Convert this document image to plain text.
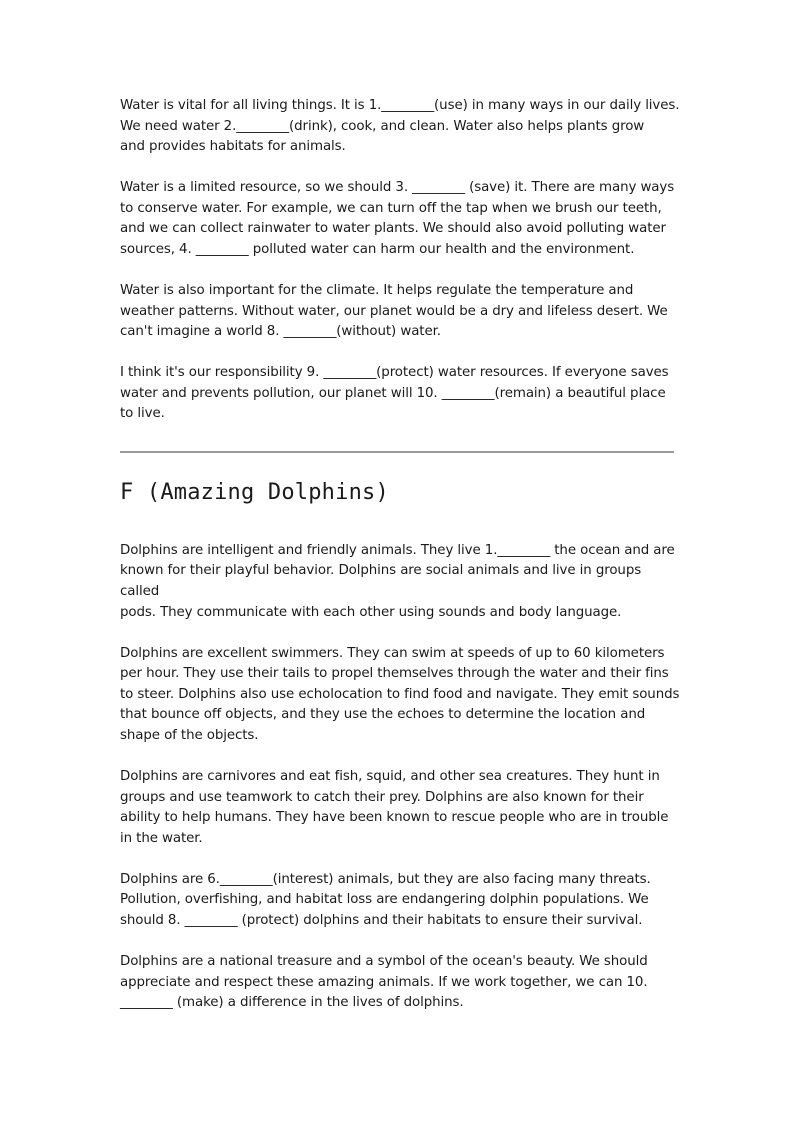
Water is vital for all living things. It is 1.________(use) in many ways in our daily lives.
We need water 2.________(drink), cook, and clean. Water also helps plants grow
and provides habitats for animals.

Water is a limited resource, so we should 3. ________ (save) it. There are many ways
to conserve water. For example, we can turn off the tap when we brush our teeth,
and we can collect rainwater to water plants. We should also avoid polluting water
sources, 4. ________ polluted water can harm our health and the environment.

Water is also important for the climate. It helps regulate the temperature and
weather patterns. Without water, our planet would be a dry and lifeless desert. We
can't imagine a world 8. ________(without) water.

I think it's our responsibility 9. ________(protect) water resources. If everyone saves
water and prevents pollution, our planet will 10. ________(remain) a beautiful place
to live.

F (Amazing Dolphins)

Dolphins are intelligent and friendly animals. They live 1.________ the ocean and are
known for their playful behavior. Dolphins are social animals and live in groups called
pods. They communicate with each other using sounds and body language.

Dolphins are excellent swimmers. They can swim at speeds of up to 60 kilometers
per hour. They use their tails to propel themselves through the water and their fins
to steer. Dolphins also use echolocation to find food and navigate. They emit sounds
that bounce off objects, and they use the echoes to determine the location and
shape of the objects.

Dolphins are carnivores and eat fish, squid, and other sea creatures. They hunt in
groups and use teamwork to catch their prey. Dolphins are also known for their
ability to help humans. They have been known to rescue people who are in trouble
in the water.

Dolphins are 6.________(interest) animals, but they are also facing many threats.
Pollution, overfishing, and habitat loss are endangering dolphin populations. We
should 8. ________ (protect) dolphins and their habitats to ensure their survival.

Dolphins are a national treasure and a symbol of the ocean's beauty. We should
appreciate and respect these amazing animals. If we work together, we can 10.
________ (make) a difference in the lives of dolphins.
